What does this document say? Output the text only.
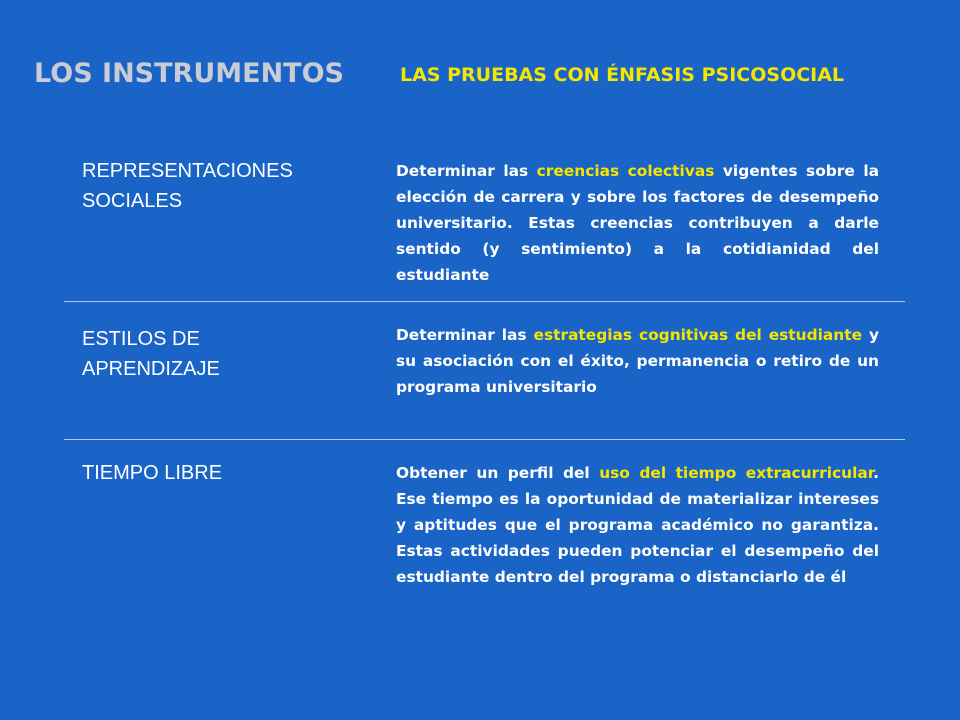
LOS INSTRUMENTOS	LAS PRUEBAS CON ÉNFASIS PSICOSOCIAL
REPRESENTACIONES
SOCIALES

Determinar las creencias colectivas vigentes sobre la elección de carrera y sobre los factores de desempeño universitario. Estas creencias contribuyen a darle sentido (y sentimiento) a la cotidianidad del estudiante

ESTILOS DE
APRENDIZAJE

Determinar las estrategias cognitivas del estudiante y su asociación con el éxito, permanencia o retiro de un programa universitario

TIEMPO LIBRE	Obtener un perfil del uso del tiempo extracurricular. Ese tiempo es la oportunidad de materializar intereses y aptitudes que el programa académico no garantiza. Estas actividades pueden potenciar el desempeño del estudiante dentro del programa o distanciarlo de él
